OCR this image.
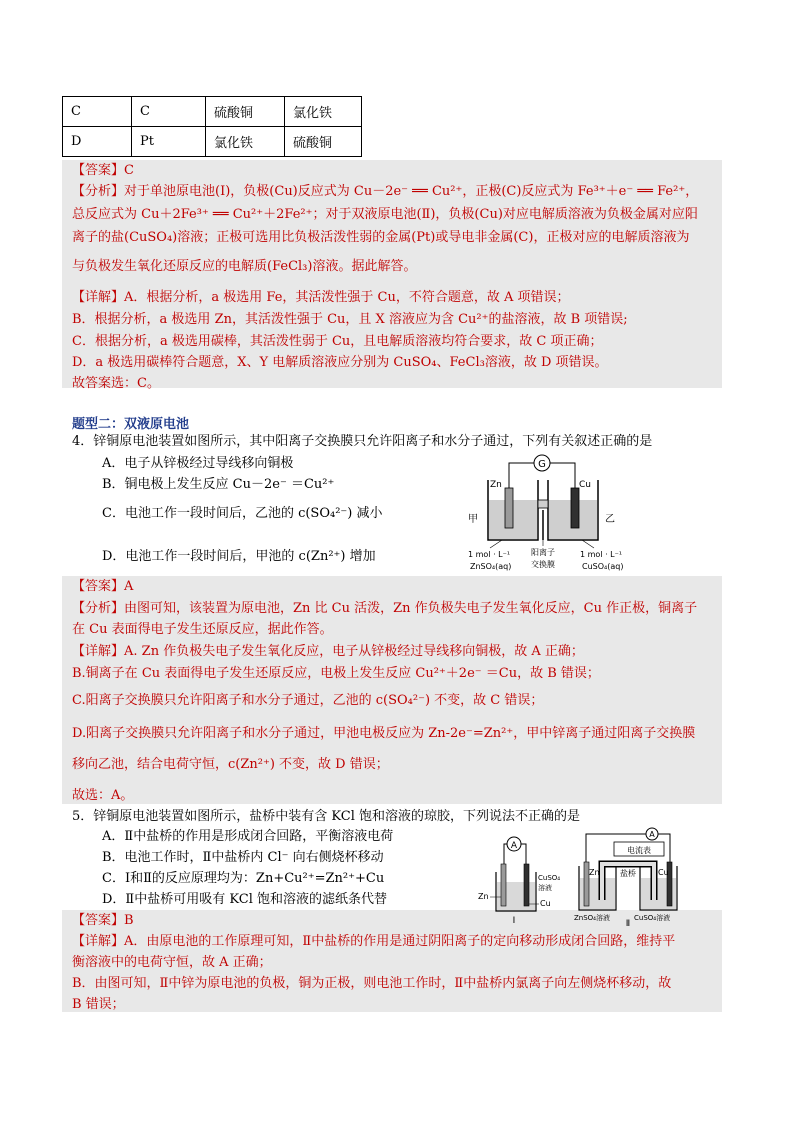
C	C	硫酸铜	氯化铁
D	Pt	氯化铁	硫酸铜
【答案】C
【分析】对于单池原电池(Ⅰ)，负极(Cu)反应式为 Cu－2e⁻ ══ Cu²⁺，正极(C)反应式为 Fe³⁺＋e⁻ ══ Fe²⁺，
总反应式为 Cu＋2Fe³⁺ ══ Cu²⁺＋2Fe²⁺；对于双液原电池(Ⅱ)，负极(Cu)对应电解质溶液为负极金属对应阳
离子的盐(CuSO₄)溶液；正极可选用比负极活泼性弱的金属(Pt)或导电非金属(C)，正极对应的电解质溶液为
与负极发生氧化还原反应的电解质(FeCl₃)溶液。据此解答。
【详解】A．根据分析，a 极选用 Fe，其活泼性强于 Cu，不符合题意，故 A 项错误；
B．根据分析，a 极选用 Zn，其活泼性强于 Cu，且 X 溶液应为含 Cu²⁺的盐溶液，故 B 项错误;
C．根据分析，a 极选用碳棒，其活泼性弱于 Cu，且电解质溶液均符合要求，故 C 项正确；
D．a 极选用碳棒符合题意，X、Y 电解质溶液应分别为 CuSO₄、FeCl₃溶液，故 D 项错误。
故答案选：C。
题型二：双液原电池
4．锌铜原电池装置如图所示，其中阳离子交换膜只允许阳离子和水分子通过，下列有关叙述正确的是
A．电子从锌极经过导线移向铜极
B．铜电极上发生反应 Cu－2e⁻ ＝Cu²⁺
C．电池工作一段时间后，乙池的 c(SO₄²⁻) 减小
D．电池工作一段时间后，甲池的 c(Zn²⁺) 增加
G
Zn	Cu
甲	乙
1 mol · L⁻¹
ZnSO₄(aq)
阳离子
交换膜
1 mol · L⁻¹
CuSO₄(aq)
【答案】A
【分析】由图可知，该装置为原电池，Zn 比 Cu 活泼，Zn 作负极失电子发生氧化反应，Cu 作正极，铜离子
在 Cu 表面得电子发生还原反应，据此作答。
【详解】A. Zn 作负极失电子发生氧化反应，电子从锌极经过导线移向铜极，故 A 正确；
B.铜离子在 Cu 表面得电子发生还原反应，电极上发生反应 Cu²⁺＋2e⁻ ＝Cu，故 B 错误；
C.阳离子交换膜只允许阳离子和水分子通过，乙池的 c(SO₄²⁻) 不变，故 C 错误；
D.阳离子交换膜只允许阳离子和水分子通过，甲池电极反应为 Zn-2e⁻=Zn²⁺，甲中锌离子通过阳离子交换膜
移向乙池，结合电荷守恒，c(Zn²⁺) 不变，故 D 错误；
故选：A。
5．锌铜原电池装置如图所示，盐桥中装有含 KCl 饱和溶液的琼胶，下列说法不正确的是
A．Ⅱ中盐桥的作用是形成闭合回路，平衡溶液电荷
B．电池工作时，Ⅱ中盐桥内 Cl⁻ 向右侧烧杯移动
C．Ⅰ和Ⅱ的反应原理均为：Zn+Cu²⁺=Zn²⁺+Cu
D．Ⅱ中盐桥可用吸有 KCl 饱和溶液的滤纸条代替
A
Zn
CuSO₄
溶液
Cu
Ⅰ
A
电流表
Zn	盐桥	Cu
ZnSO₄溶液	CuSO₄溶液
Ⅱ
【答案】B
【详解】A．由原电池的工作原理可知，Ⅱ中盐桥的作用是通过阴阳离子的定向移动形成闭合回路，维持平
衡溶液中的电荷守恒，故 A 正确；
B．由图可知，Ⅱ中锌为原电池的负极，铜为正极，则电池工作时，Ⅱ中盐桥内氯离子向左侧烧杯移动，故
B 错误；
